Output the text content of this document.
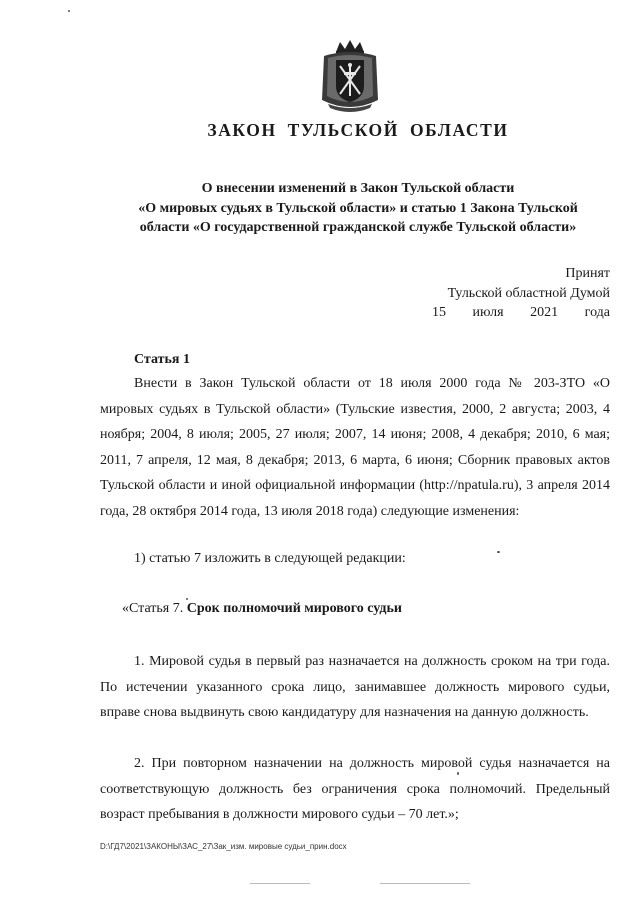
ЗАКОН ТУЛЬСКОЙ ОБЛАСТИ
О внесении изменений в Закон Тульской области
«О мировых судьях в Тульской области» и статью 1 Закона Тульской
области «О государственной гражданской службе Тульской области»
Принят
Тульской областной Думой
15 июля 2021 года
Статья 1
Внести в Закон Тульской области от 18 июля 2000 года № 203-ЗТО «О мировых судьях в Тульской области» (Тульские известия, 2000, 2 августа; 2003, 4 ноября; 2004, 8 июля; 2005, 27 июля; 2007, 14 июня; 2008, 4 декабря; 2010, 6 мая; 2011, 7 апреля, 12 мая, 8 декабря; 2013, 6 марта, 6 июня; Сборник правовых актов Тульской области и иной официальной информации (http://npatula.ru), 3 апреля 2014 года, 28 октября 2014 года, 13 июля 2018 года) следующие изменения:
1) статью 7 изложить в следующей редакции:
«Статья 7. Срок полномочий мирового судьи
1. Мировой судья в первый раз назначается на должность сроком на три года. По истечении указанного срока лицо, занимавшее должность мирового судьи, вправе снова выдвинуть свою кандидатуру для назначения на данную должность.
2. При повторном назначении на должность мировой судья назначается на соответствующую должность без ограничения срока полномочий. Предельный возраст пребывания в должности мирового судьи – 70 лет.»;
D:\ГД7\2021\ЗАКОНЫ\ЗАС_27\Зак_изм. мировые судьи_прин.docx
